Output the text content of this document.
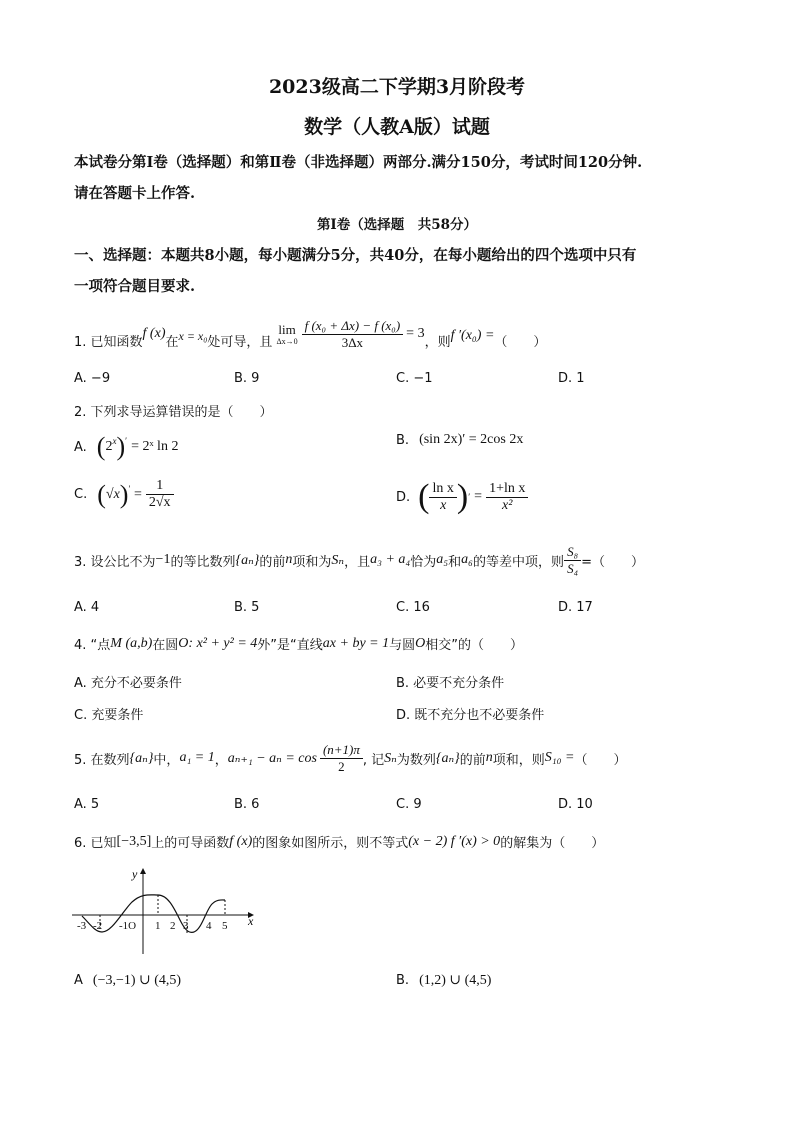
2023级高二下学期3月阶段考
数学（人教A版）试题
本试卷分第Ⅰ卷（选择题）和第Ⅱ卷（非选择题）两部分.满分150分，考试时间120分钟.
请在答题卡上作答.
第Ⅰ卷（选择题　共58分）
一、选择题：本题共8小题，每小题满分5分，共40分，在每小题给出的四个选项中只有
一项符合题目要求.
1. 已知函数
f (x)
在 x = x₀ 处可导，且
lim
$\Delta x\to 0 \frac{\text{f (x₀ + Δx) − f (x₀)}}{3\Delta x} = 3$
，则 f ′(x₀) = （　　）
A. −9	B. 9	C. −1	D. 1
2. 下列求导运算错误的是（　　）
A. $(2^x)'$ = 2ˣ ln 2	B. (sin 2x)′ = 2cos 2x
C. $(√x)' = \frac{1}{2√x}$	D. ( $\frac{\text{ln x}}{x}$ ) ′ = $\frac{\text{1+ln x}}{\text{x²}}$
3. 设公比不为 −1 的等比数列 {aₙ} 的前 n 项和为 Sₙ ，且 a₃ + a₄ 恰为 a₅ 和 a₆ 的等差中项，则 $\frac{\text{S₈}}{\text{S₄}}$ =（　　）
A. 4	B. 5	C. 16	D. 17
4. “点 M (a,b) 在圆 O: x² + y² = 4 外”是“直线 ax + by = 1 与圆 O 相交”的（　　）
A. 充分不必要条件	B. 必要不充分条件
C. 充要条件	D. 既不充分也不必要条件
5. 在数列 {aₙ} 中， a₁ = 1 ， $a_{n+1} - a_n = \cos \frac{(n+1)\pi}{2}$ , 记 Sₙ 为数列 {aₙ} 的前 n 项和，则 S₁₀ = （　　）
A. 5	B. 6	C. 9	D. 10
6. 已知 [−3,5] 上的可导函数 f (x) 的图象如图所示，则不等式 (x − 2) f ′(x) > 0 的解集为（　　）
y
x
-3 -2 -1O 1 2 3 4 5
A (−3,−1) ∪ (4,5)	B. (1,2) ∪ (4,5)
